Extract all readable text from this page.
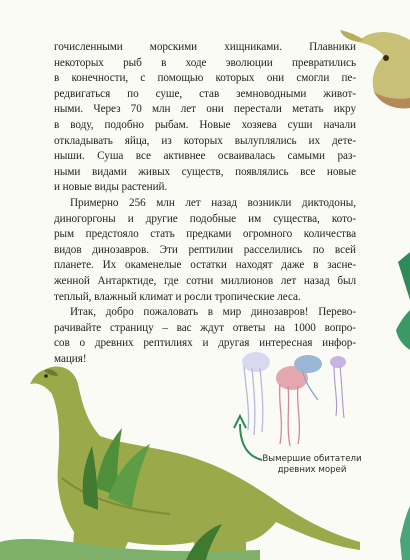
гочисленными морскими хищниками. Плавники
некоторых рыб в ходе эволюции превратились
в конечности, с помощью которых они смогли пе-
редвигаться по суше, став земноводными живот-
ными. Через 70 млн лет они перестали метать икру
в воду, подобно рыбам. Новые хозяева суши начали
откладывать яйца, из которых вылуплялись их дете-
ныши. Суша все активнее осваивалась самыми раз-
ными видами живых существ, появлялись все новые
и новые виды растений.

Примерно 256 млн лет назад возникли диктодоны,
диногоргоны и другие подобные им существа, кото-
рым предстояло стать предками огромного количества
видов динозавров. Эти рептилии расселились по всей
планете. Их окаменелые остатки находят даже в засне-
женной Антарктиде, где сотни миллионов лет назад был
теплый, влажный климат и росли тропические леса.

Итак, добро пожаловать в мир динозавров! Перево-
рачивайте страницу – вас ждут ответы на 1000 вопро-
сов о древних рептилиях и другая интересная инфор-
мация!

Вымершие обитатели
древних морей
